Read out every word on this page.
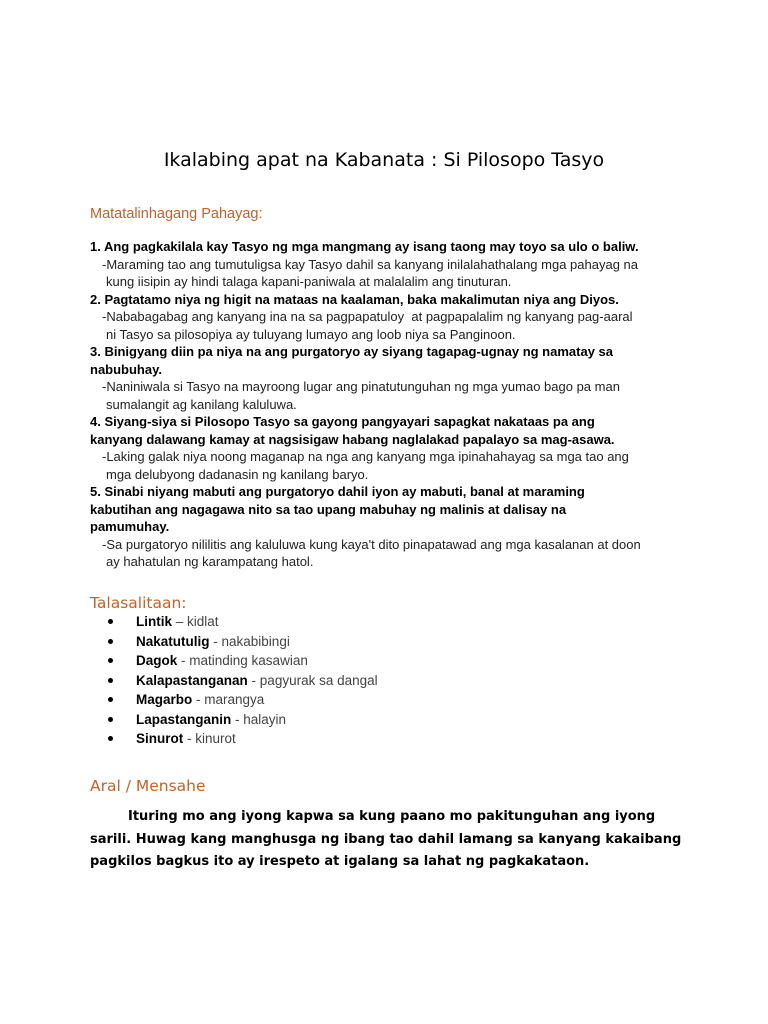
Ikalabing apat na Kabanata : Si Pilosopo Tasyo
Matatalinhagang Pahayag:

1. Ang pagkakilala kay Tasyo ng mga mangmang ay isang taong may toyo sa ulo o baliw.

-Maraming tao ang tumutuligsa kay Tasyo dahil sa kanyang inilalahathalang mga pahayag na

kung iisipin ay hindi talaga kapani-paniwala at malalalim ang tinuturan.

2. Pagtatamo niya ng higit na mataas na kaalaman, baka makalimutan niya ang Diyos.

-Nababagabag ang kanyang ina na sa pagpapatuloy  at pagpapalalim ng kanyang pag-aaral

ni Tasyo sa pilosopiya ay tuluyang lumayo ang loob niya sa Panginoon.

3. Binigyang diin pa niya na ang purgatoryo ay siyang tagapag-ugnay ng namatay sa

nabubuhay.

-Naniniwala si Tasyo na mayroong lugar ang pinatutunguhan ng mga yumao bago pa man

sumalangit ag kanilang kaluluwa.

4. Siyang-siya si Pilosopo Tasyo sa gayong pangyayari sapagkat nakataas pa ang

kanyang dalawang kamay at nagsisigaw habang naglalakad papalayo sa mag-asawa.

-Laking galak niya noong maganap na nga ang kanyang mga ipinahahayag sa mga tao ang

mga delubyong dadanasin ng kanilang baryo.

5. Sinabi niyang mabuti ang purgatoryo dahil iyon ay mabuti, banal at maraming

kabutihan ang nagagawa nito sa tao upang mabuhay ng malinis at dalisay na

pamumuhay.

-Sa purgatoryo nililitis ang kaluluwa kung kaya't dito pinapatawad ang mga kasalanan at doon

ay hahatulan ng karampatang hatol.

Talasalitaan:
Lintik – kidlat
Nakatutulig - nakabibingi
Dagok - matinding kasawian
Kalapastanganan - pagyurak sa dangal
Magarbo - marangya
Lapastanganin - halayin
Sinurot - kinurot
Aral / Mensahe

Ituring mo ang iyong kapwa sa kung paano mo pakitunguhan ang iyong sarili. Huwag kang manghusga ng ibang tao dahil lamang sa kanyang kakaibang pagkilos bagkus ito ay irespeto at igalang sa lahat ng pagkakataon.
